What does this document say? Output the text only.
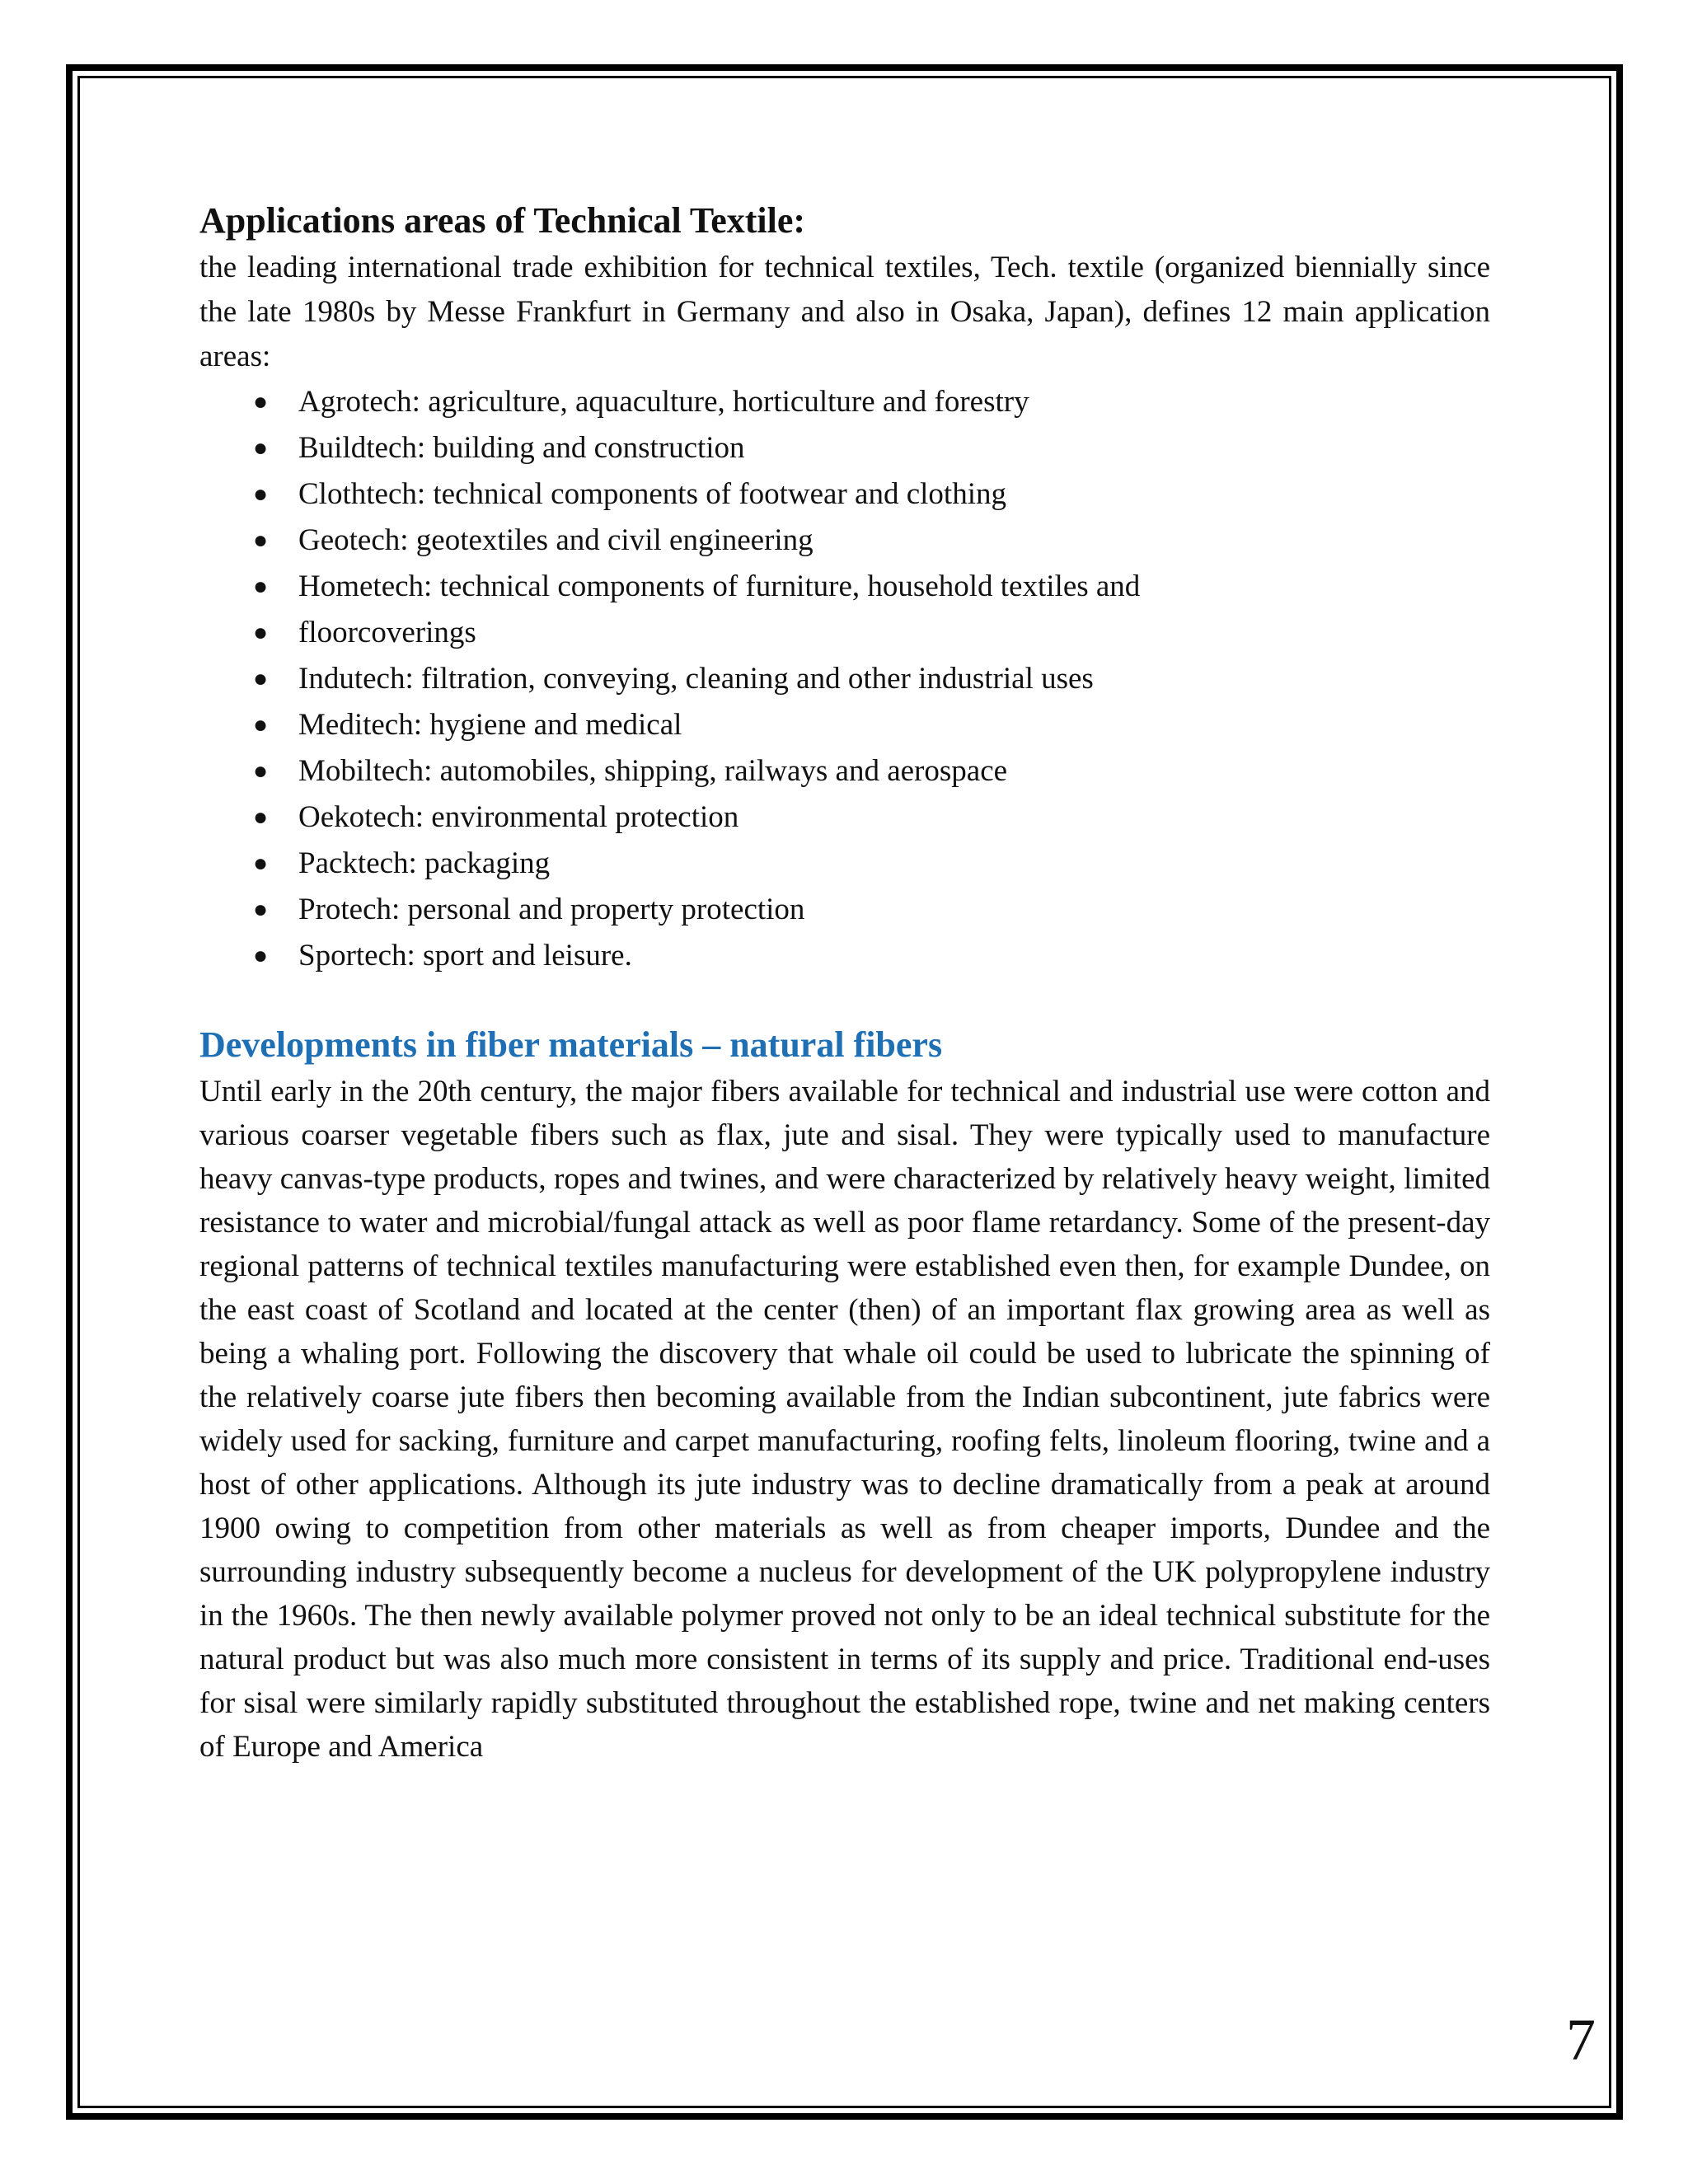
Applications areas of Technical Textile:

the leading international trade exhibition for technical textiles, Tech. textile (organized biennially since the late 1980s by Messe Frankfurt in Germany and also in Osaka, Japan), defines 12 main application areas:

● Agrotech: agriculture, aquaculture, horticulture and forestry
● Buildtech: building and construction
● Clothtech: technical components of footwear and clothing
● Geotech: geotextiles and civil engineering
● Hometech: technical components of furniture, household textiles and
● floorcoverings
● Indutech: filtration, conveying, cleaning and other industrial uses
● Meditech: hygiene and medical
● Mobiltech: automobiles, shipping, railways and aerospace
● Oekotech: environmental protection
● Packtech: packaging
● Protech: personal and property protection
● Sportech: sport and leisure.
Developments in fiber materials – natural fibers

Until early in the 20th century, the major fibers available for technical and industrial use were cotton and various coarser vegetable fibers such as flax, jute and sisal. They were typically used to manufacture heavy canvas-type products, ropes and twines, and were characterized by relatively heavy weight, limited resistance to water and microbial/fungal attack as well as poor flame retardancy. Some of the present-day regional patterns of technical textiles manufacturing were established even then, for example Dundee, on the east coast of Scotland and located at the center (then) of an important flax growing area as well as being a whaling port. Following the discovery that whale oil could be used to lubricate the spinning of the relatively coarse jute fibers then becoming available from the Indian subcontinent, jute fabrics were widely used for sacking, furniture and carpet manufacturing, roofing felts, linoleum flooring, twine and a host of other applications. Although its jute industry was to decline dramatically from a peak at around 1900 owing to competition from other materials as well as from cheaper imports, Dundee and the surrounding industry subsequently become a nucleus for development of the UK polypropylene industry in the 1960s. The then newly available polymer proved not only to be an ideal technical substitute for the natural product but was also much more consistent in terms of its supply and price. Traditional end-uses for sisal were similarly rapidly substituted throughout the established rope, twine and net making centers of Europe and America

7
